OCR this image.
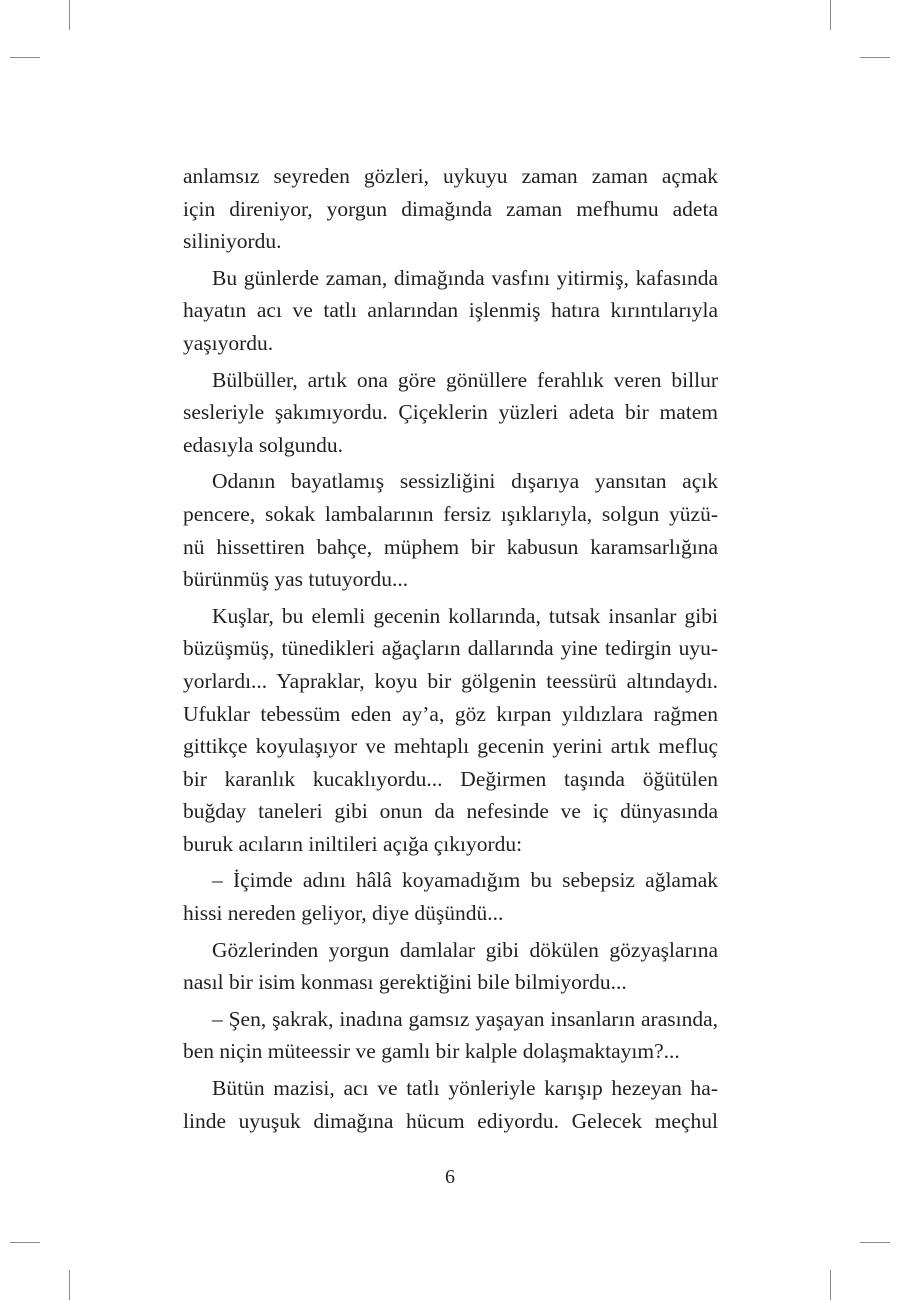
anlamsız seyreden gözleri, uykuyu zaman zaman açmak
için direniyor, yorgun dimağında zaman mefhumu adeta
siliniyordu.
Bu günlerde zaman, dimağında vasfını yitirmiş, kafasında
hayatın acı ve tatlı anlarından işlenmiş hatıra kırıntılarıyla
yaşıyordu.
Bülbüller, artık ona göre gönüllere ferahlık veren billur
sesleriyle şakımıyordu. Çiçeklerin yüzleri adeta bir matem
edasıyla solgundu.
Odanın bayatlamış sessizliğini dışarıya yansıtan açık
pencere, sokak lambalarının fersiz ışıklarıyla, solgun yüzü-
nü hissettiren bahçe, müphem bir kabusun karamsarlığına
bürünmüş yas tutuyordu...
Kuşlar, bu elemli gecenin kollarında, tutsak insanlar gibi
büzüşmüş, tünedikleri ağaçların dallarında yine tedirgin uyu-
yorlardı... Yapraklar, koyu bir gölgenin teessürü altındaydı.
Ufuklar tebessüm eden ay’a, göz kırpan yıldızlara rağmen
gittikçe koyulaşıyor ve mehtaplı gecenin yerini artık mefluç
bir karanlık kucaklıyordu... Değirmen taşında öğütülen
buğday taneleri gibi onun da nefesinde ve iç dünyasında
buruk acıların iniltileri açığa çıkıyordu:
– İçimde adını hâlâ koyamadığım bu sebepsiz ağlamak
hissi nereden geliyor, diye düşündü...
Gözlerinden yorgun damlalar gibi dökülen gözyaşlarına
nasıl bir isim konması gerektiğini bile bilmiyordu...
– Şen, şakrak, inadına gamsız yaşayan insanların arasında,
ben niçin müteessir ve gamlı bir kalple dolaşmaktayım?...
Bütün mazisi, acı ve tatlı yönleriyle karışıp hezeyan ha-
linde uyuşuk dimağına hücum ediyordu. Gelecek meçhul
6
